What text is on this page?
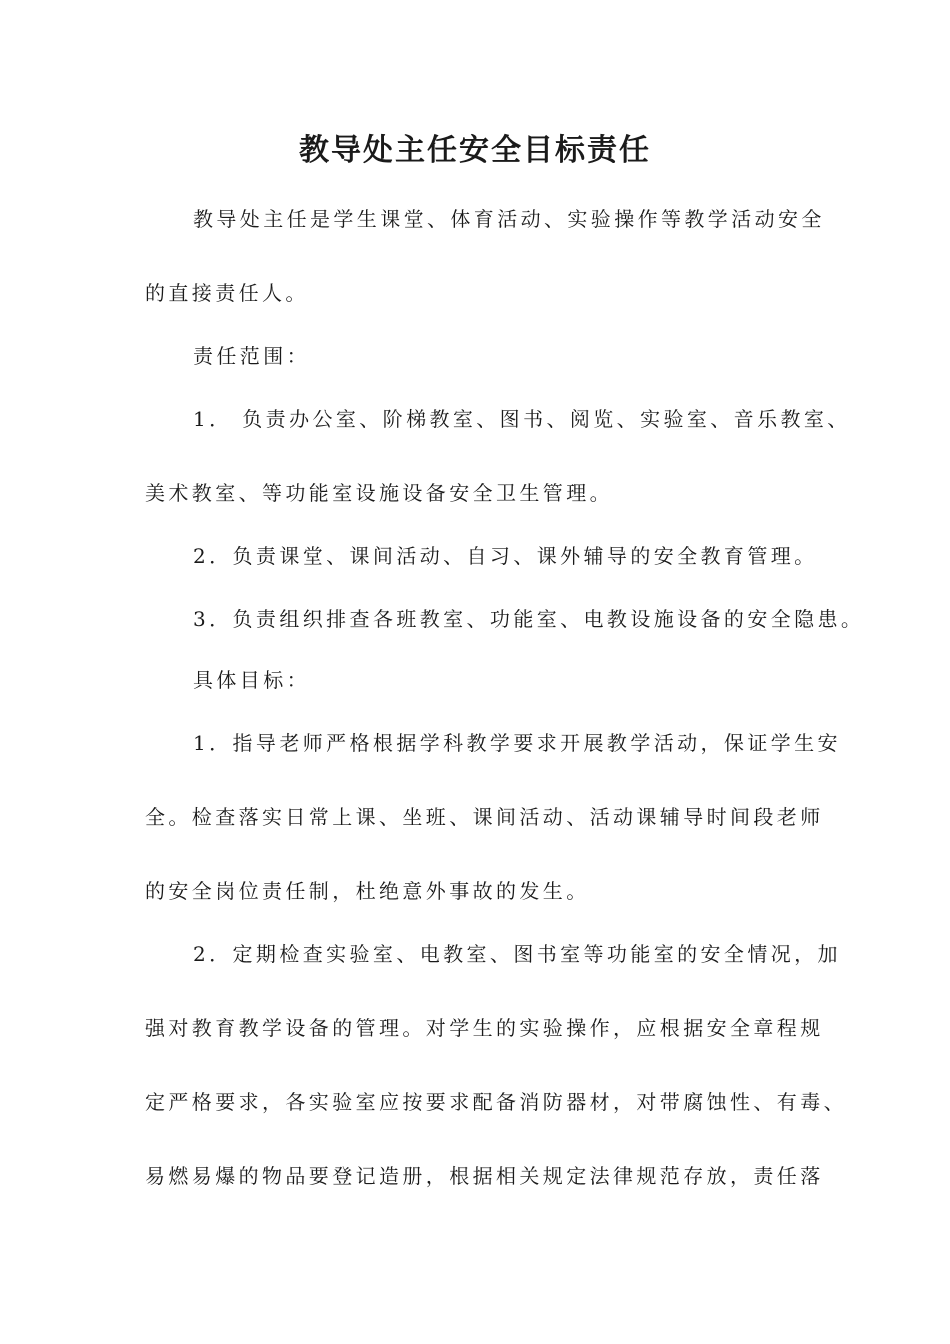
教导处主任安全目标责任
教导处主任是学生课堂、体育活动、实验操作等教学活动安全
的直接责任人。
责任范围：
1． 负责办公室、阶梯教室、图书、阅览、实验室、音乐教室、
美术教室、等功能室设施设备安全卫生管理。
2．负责课堂、课间活动、自习、课外辅导的安全教育管理。
3．负责组织排查各班教室、功能室、电教设施设备的安全隐患。
具体目标：
1．指导老师严格根据学科教学要求开展教学活动，保证学生安
全。检查落实日常上课、坐班、课间活动、活动课辅导时间段老师
的安全岗位责任制，杜绝意外事故的发生。
2．定期检查实验室、电教室、图书室等功能室的安全情况，加
强对教育教学设备的管理。对学生的实验操作，应根据安全章程规
定严格要求，各实验室应按要求配备消防器材，对带腐蚀性、有毒、
易燃易爆的物品要登记造册，根据相关规定法律规范存放，责任落
